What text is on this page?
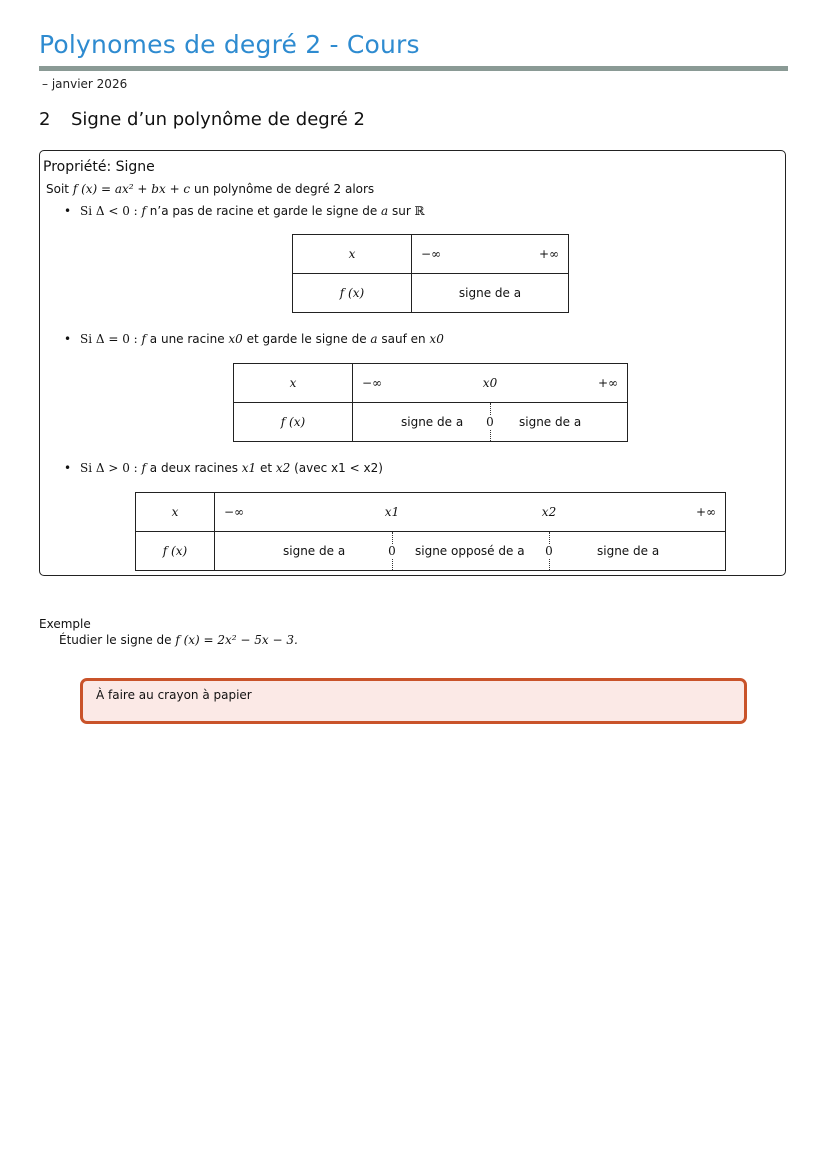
Polynomes de degré 2 - Cours
– janvier 2026
2 Signe d’un polynôme de degré 2
Propriété: Signe
Soit f (x) = ax² + bx + c un polynôme de degré 2 alors
• Si Δ < 0 : f n’a pas de racine et garde le signe de a sur ℝ
x	−∞ +∞

f (x)	signe de a
• Si Δ = 0 : f a une racine x0 et garde le signe de a sauf en x0
x	−∞ x0 +∞

f (x)	signe de a 0 signe de a
• Si Δ > 0 : f a deux racines x1 et x2 (avec x1 < x2)
x	−∞ x1 x2 +∞

f (x)	signe de a 0 signe opposé de a 0 signe de a
Exemple
Étudier le signe de f (x) = 2x² − 5x − 3.
À faire au crayon à papier
